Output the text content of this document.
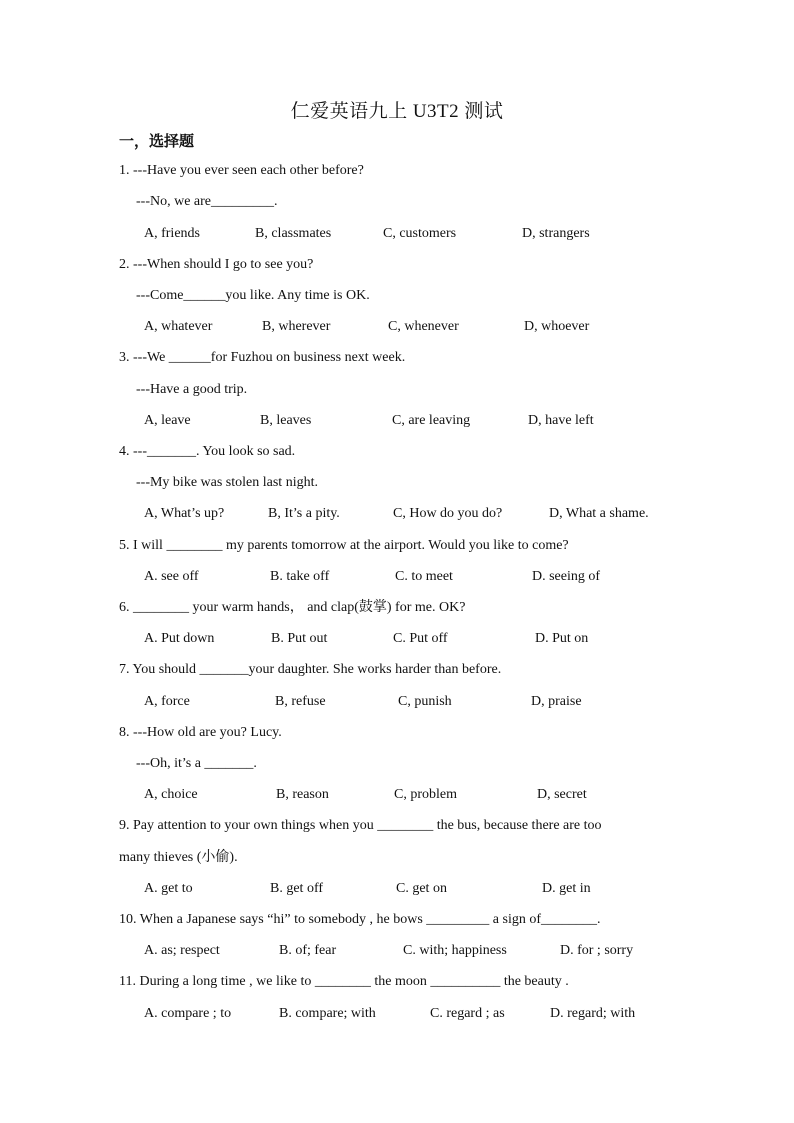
仁爱英语九上 U3T2 测试
一，选择题
1. ---Have you ever seen each other before?
---No, we are_________.
A, friends	B, classmates	C, customers	D, strangers
2. ---When should I go to see you?
---Come______you like. Any time is OK.
A, whatever	B, wherever	C, whenever	D, whoever
3. ---We ______for Fuzhou on business next week.
---Have a good trip.
A, leave	B, leaves	C, are leaving	D, have left
4. ---_______. You look so sad.
---My bike was stolen last night.
A, What’s up?	B, It’s a pity.	C, How do you do?	D, What a shame.
5. I will ________ my parents tomorrow at the airport. Would you like to come?
A. see off	B. take off	C. to meet	D. seeing of
6. ________ your warm hands， and clap(鼓掌) for me. OK?
A. Put down	B. Put out	C. Put off	D. Put on
7. You should _______your daughter. She works harder than before.
A, force	B, refuse	C, punish	D, praise
8. ---How old are you? Lucy.
---Oh, it’s a _______.
A, choice	B, reason	C, problem	D, secret
9. Pay attention to your own things when you ________ the bus, because there are too
many thieves (小偷).
A. get to	B. get off	C. get on	D. get in
10. When a Japanese says “hi” to somebody , he bows _________ a sign of________.
A. as; respect	B. of; fear	C. with; happiness	D. for ; sorry
11. During a long time , we like to ________ the moon __________ the beauty .
A. compare ; to	B. compare; with	C. regard ; as	D. regard; with
